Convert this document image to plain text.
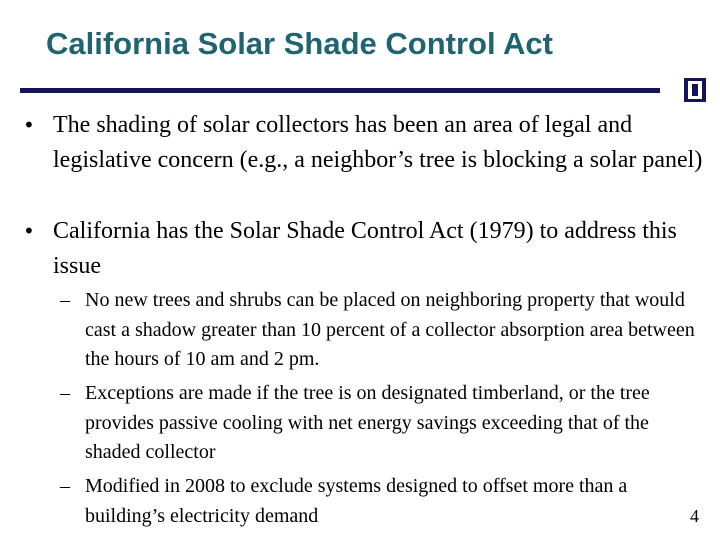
California Solar Shade Control Act
• The shading of solar collectors has been an area of legal and legislative concern (e.g., a neighbor’s tree is blocking a solar panel)
• California has the Solar Shade Control Act (1979) to address this issue
– No new trees and shrubs can be placed on neighboring property that would cast a shadow greater than 10 percent of a collector absorption area between the hours of 10 am and 2 pm.
– Exceptions are made if the tree is on designated timberland, or the tree provides passive cooling with net energy savings exceeding that of the shaded collector
– Modified in 2008 to exclude systems designed to offset more than a building’s electricity demand	4
